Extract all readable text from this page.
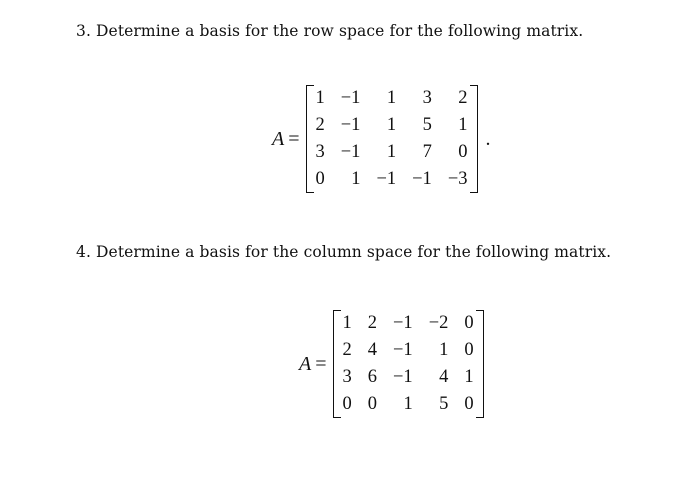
3. Determine a basis for the row space for the following matrix.
A =
1	−1	1	3	2
2	−1	1	5	1
3	−1	1	7	0
0	1	−1	−1	−3
.
4. Determine a basis for the column space for the following matrix.
A =
1	2	−1	−2	0
2	4	−1	1	0
3	6	−1	4	1
0	0	1	5	0
